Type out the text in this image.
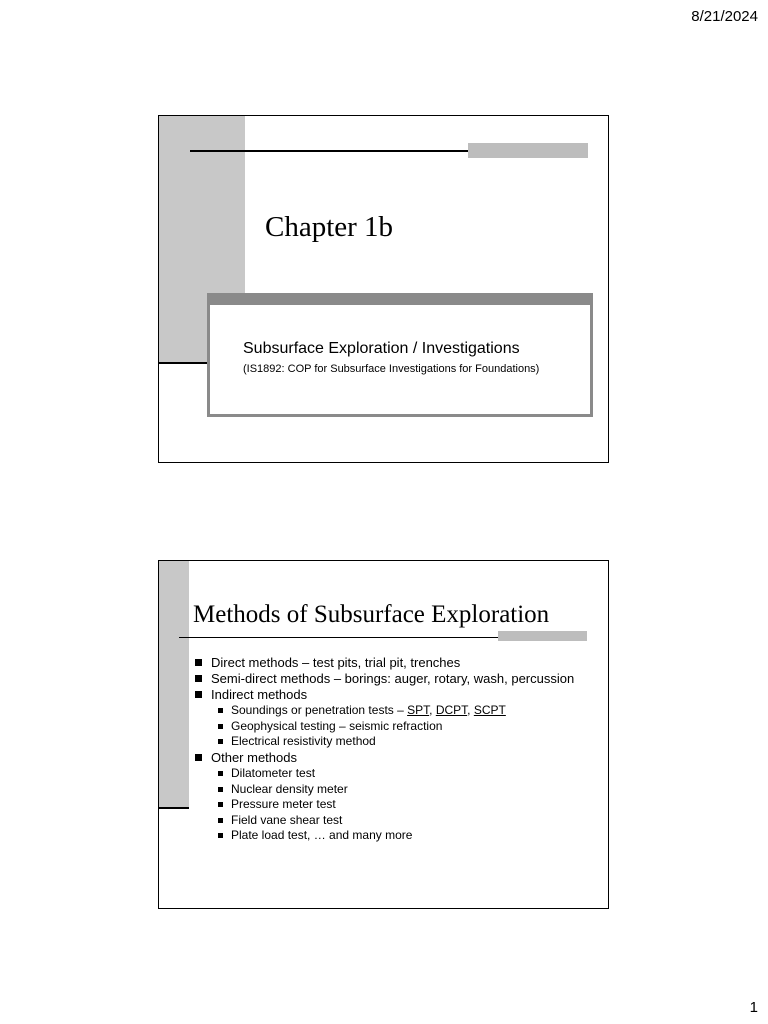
8/21/2024
Chapter 1b
Subsurface Exploration / Investigations
(IS1892: COP for Subsurface Investigations for Foundations)
Methods of Subsurface Exploration
Direct methods – test pits, trial pit, trenches
Semi-direct methods – borings: auger, rotary, wash, percussion
Indirect methods
Soundings or penetration tests – SPT, DCPT, SCPT
Geophysical testing – seismic refraction
Electrical resistivity method
Other methods
Dilatometer test
Nuclear density meter
Pressure meter test
Field vane shear test
Plate load test, … and many more
1
